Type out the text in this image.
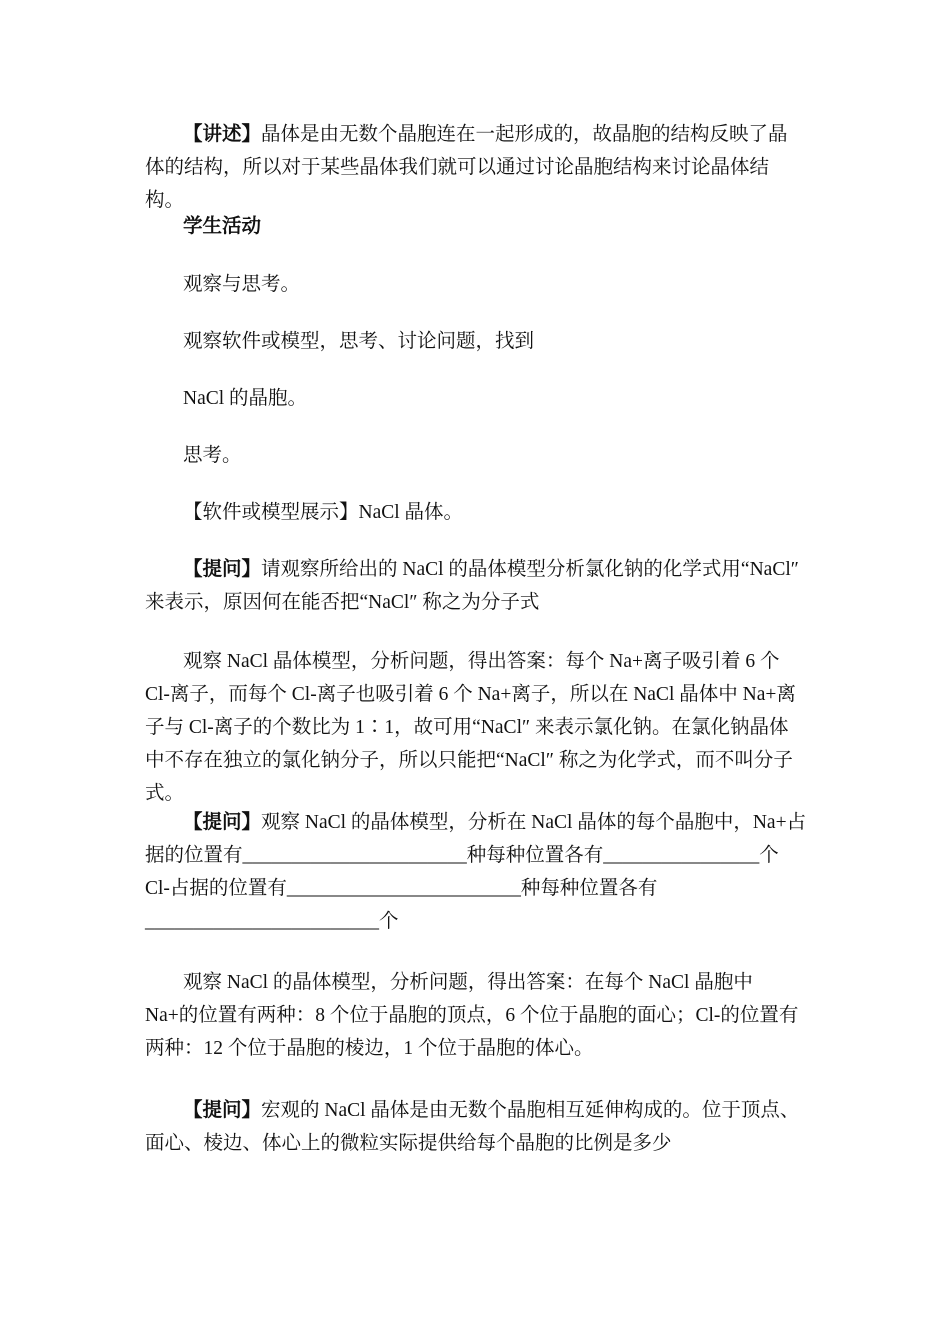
【讲述】晶体是由无数个晶胞连在一起形成的，故晶胞的结构反映了晶体的结构，所以对于某些晶体我们就可以通过讨论晶胞结构来讨论晶体结构。

学生活动

观察与思考。

观察软件或模型，思考、讨论问题，找到

NaCl 的晶胞。

思考。

【软件或模型展示】NaCl 晶体。

【提问】请观察所给出的 NaCl 的晶体模型分析氯化钠的化学式用“NaCl″来表示，原因何在能否把“NaCl″ 称之为分子式

观察 NaCl 晶体模型，分析问题，得出答案：每个 Na+离子吸引着 6 个 Cl-离子，而每个 Cl-离子也吸引着 6 个 Na+离子，所以在 NaCl 晶体中 Na+离子与 Cl-离子的个数比为 1∶1，故可用“NaCl″ 来表示氯化钠。在氯化钠晶体中不存在独立的氯化钠分子，所以只能把“NaCl″ 称之为化学式，而不叫分子式。

【提问】观察 NaCl 的晶体模型，分析在 NaCl 晶体的每个晶胞中，Na+占据的位置有_______________________种每种位置各有________________个 Cl-占据的位置有________________________种每种位置各有________________________个

观察 NaCl 的晶体模型，分析问题，得出答案：在每个 NaCl 晶胞中 Na+的位置有两种：8 个位于晶胞的顶点，6 个位于晶胞的面心；Cl-的位置有两种：12 个位于晶胞的棱边，1 个位于晶胞的体心。

【提问】宏观的 NaCl 晶体是由无数个晶胞相互延伸构成的。位于顶点、面心、棱边、体心上的微粒实际提供给每个晶胞的比例是多少
